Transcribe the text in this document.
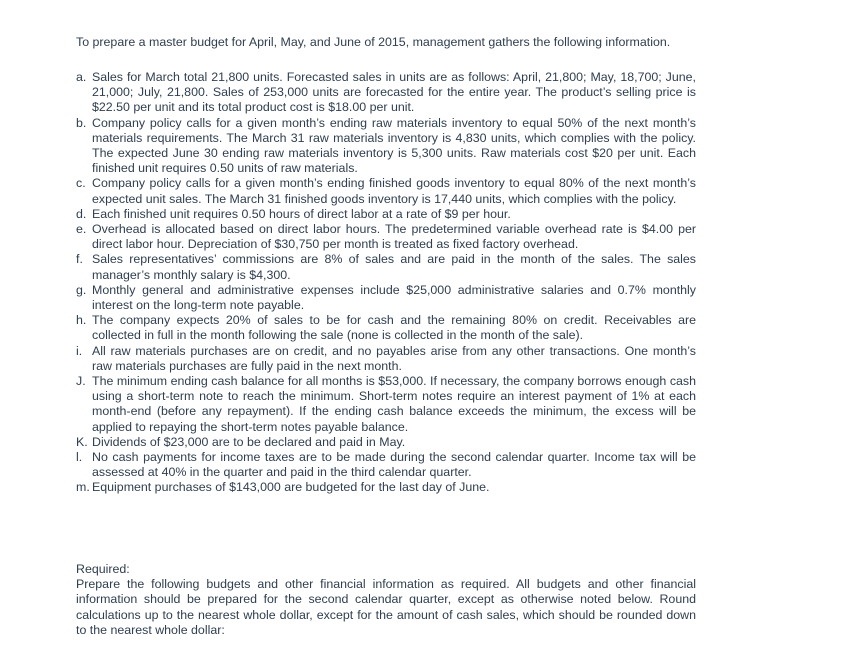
To prepare a master budget for April, May, and June of 2015, management gathers the following information.

a. Sales for March total 21,800 units. Forecasted sales in units are as follows: April, 21,800; May, 18,700; June, 21,000; July, 21,800. Sales of 253,000 units are forecasted for the entire year. The product’s selling price is $22.50 per unit and its total product cost is $18.00 per unit.
b. Company policy calls for a given month’s ending raw materials inventory to equal 50% of the next month’s materials requirements. The March 31 raw materials inventory is 4,830 units, which complies with the policy. The expected June 30 ending raw materials inventory is 5,300 units. Raw materials cost $20 per unit. Each finished unit requires 0.50 units of raw materials.
c. Company policy calls for a given month’s ending finished goods inventory to equal 80% of the next month’s expected unit sales. The March 31 finished goods inventory is 17,440 units, which complies with the policy.
d. Each finished unit requires 0.50 hours of direct labor at a rate of $9 per hour.
e. Overhead is allocated based on direct labor hours. The predetermined variable overhead rate is $4.00 per direct labor hour. Depreciation of $30,750 per month is treated as fixed factory overhead.
f. Sales representatives’ commissions are 8% of sales and are paid in the month of the sales. The sales manager’s monthly salary is $4,300.
g. Monthly general and administrative expenses include $25,000 administrative salaries and 0.7% monthly interest on the long-term note payable.
h. The company expects 20% of sales to be for cash and the remaining 80% on credit. Receivables are collected in full in the month following the sale (none is collected in the month of the sale).
i. All raw materials purchases are on credit, and no payables arise from any other transactions. One month’s raw materials purchases are fully paid in the next month.
J. The minimum ending cash balance for all months is $53,000. If necessary, the company borrows enough cash using a short-term note to reach the minimum. Short-term notes require an interest payment of 1% at each month-end (before any repayment). If the ending cash balance exceeds the minimum, the excess will be applied to repaying the short-term notes payable balance.
K. Dividends of $23,000 are to be declared and paid in May.
l. No cash payments for income taxes are to be made during the second calendar quarter. Income tax will be assessed at 40% in the quarter and paid in the third calendar quarter.
m. Equipment purchases of $143,000 are budgeted for the last day of June.
Required:

Prepare the following budgets and other financial information as required. All budgets and other financial information should be prepared for the second calendar quarter, except as otherwise noted below. Round calculations up to the nearest whole dollar, except for the amount of cash sales, which should be rounded down to the nearest whole dollar:
